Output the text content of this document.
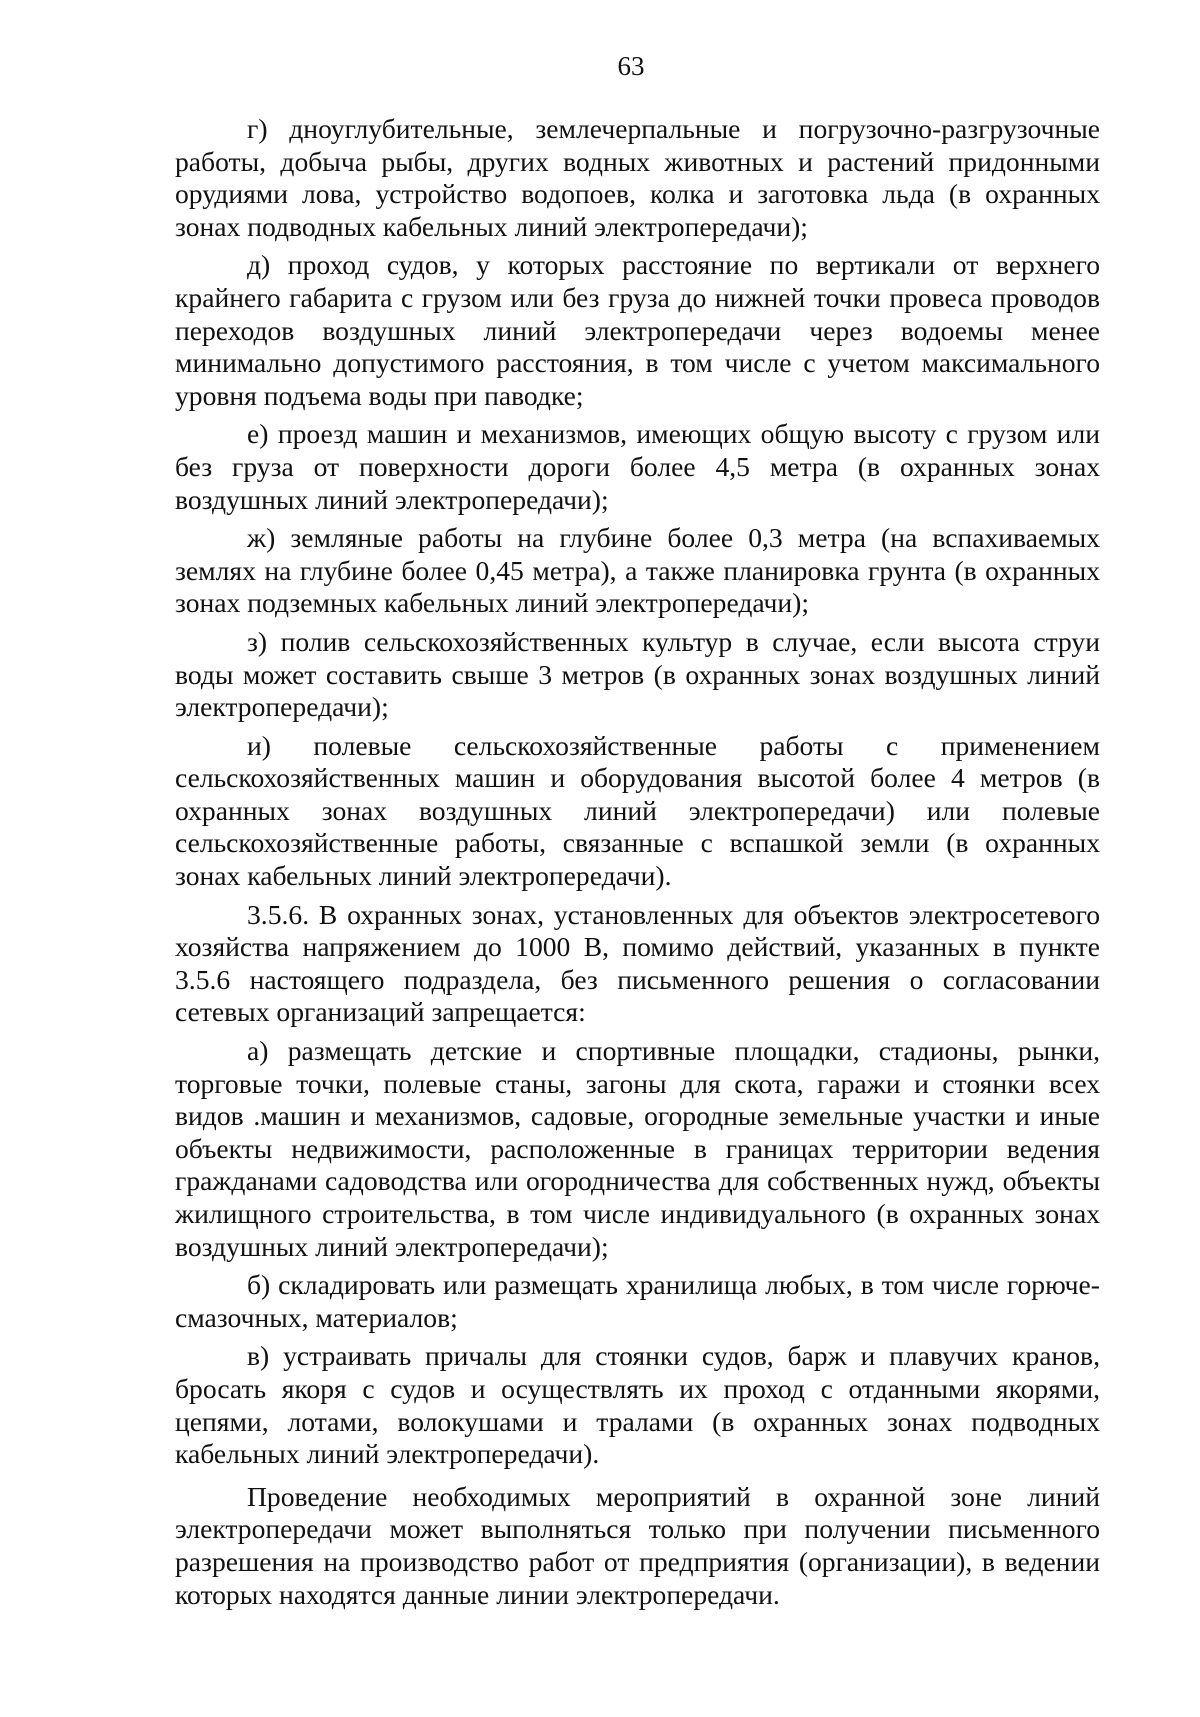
63

г) дноуглубительные, землечерпальные и погрузочно-разгрузочные работы, добыча рыбы, других водных животных и растений придонными орудиями лова, устройство водопоев, колка и заготовка льда (в охранных зонах подводных кабельных линий электропередачи);

д) проход судов, у которых расстояние по вертикали от верхнего крайнего габарита с грузом или без груза до нижней точки провеса проводов переходов воздушных линий электропередачи через водоемы менее минимально допустимого расстояния, в том числе с учетом максимального уровня подъема воды при паводке;

е) проезд машин и механизмов, имеющих общую высоту с грузом или без груза от поверхности дороги более 4,5 метра (в охранных зонах воздушных линий электропередачи);

ж) земляные работы на глубине более 0,3 метра (на вспахиваемых землях на глубине более 0,45 метра), а также планировка грунта (в охранных зонах подземных кабельных линий электропередачи);

з) полив сельскохозяйственных культур в случае, если высота струи воды может составить свыше 3 метров (в охранных зонах воздушных линий электропередачи);

и) полевые сельскохозяйственные работы с применением сельскохозяйственных машин и оборудования высотой более 4 метров (в охранных зонах воздушных линий электропередачи) или полевые сельскохозяйственные работы, связанные с вспашкой земли (в охранных зонах кабельных линий электропередачи).

3.5.6. В охранных зонах, установленных для объектов электросетевого хозяйства напряжением до 1000 В, помимо действий, указанных в пункте 3.5.6 настоящего подраздела, без письменного решения о согласовании сетевых организаций запрещается:

а) размещать детские и спортивные площадки, стадионы, рынки, торговые точки, полевые станы, загоны для скота, гаражи и стоянки всех видов .машин и механизмов, садовые, огородные земельные участки и иные объекты недвижимости, расположенные в границах территории ведения гражданами садоводства или огородничества для собственных нужд, объекты жилищного строительства, в том числе индивидуального (в охранных зонах воздушных линий электропередачи);

б) складировать или размещать хранилища любых, в том числе горюче-смазочных, материалов;

в) устраивать причалы для стоянки судов, барж и плавучих кранов, бросать якоря с судов и осуществлять их проход с отданными якорями, цепями, лотами, волокушами и тралами (в охранных зонах подводных кабельных линий электропередачи).

Проведение необходимых мероприятий в охранной зоне линий электропередачи может выполняться только при получении письменного разрешения на производство работ от предприятия (организации), в ведении которых находятся данные линии электропередачи.
